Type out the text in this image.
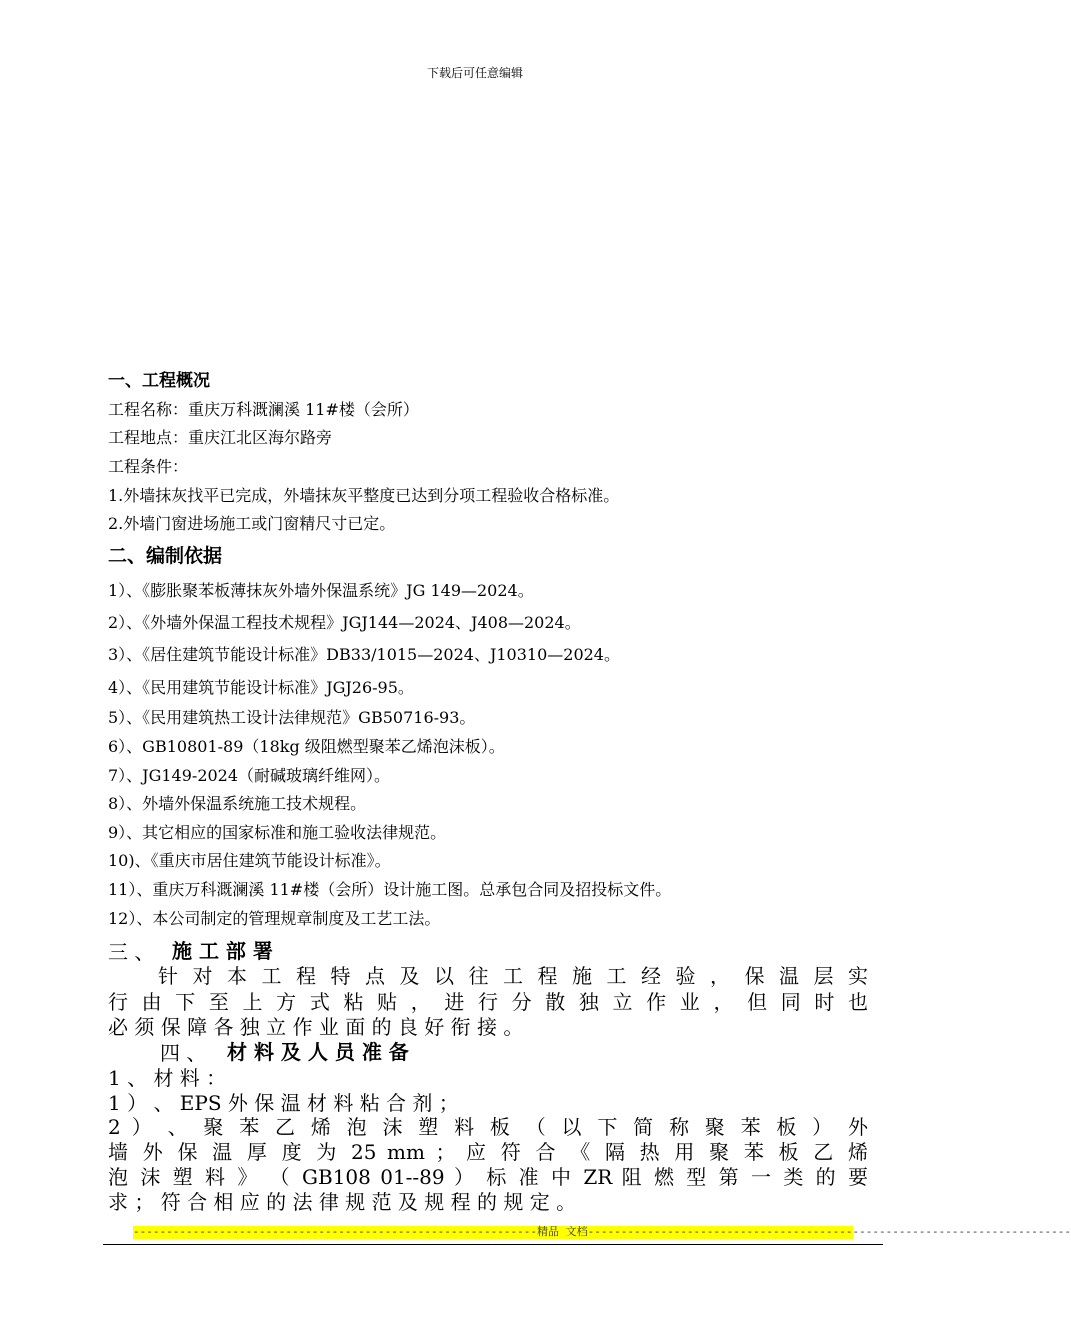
下载后可任意编辑
一、工程概况
工程名称：重庆万科溉澜溪 11#楼（会所）
工程地点：重庆江北区海尔路旁
工程条件：
1.外墙抹灰找平已完成，外墙抹灰平整度已达到分项工程验收合格标准。
2.外墙门窗进场施工或门窗精尺寸已定。
二、编制依据
1）、《膨胀聚苯板薄抹灰外墙外保温系统》JG 149—2024。
2）、《外墙外保温工程技术规程》JGJ144—2024、J408—2024。
3）、《居住建筑节能设计标准》DB33/1015—2024、J10310—2024。
4）、《民用建筑节能设计标准》JGJ26-95。
5）、《民用建筑热工设计法律规范》GB50716-93。
6）、GB10801-89（18kg 级阻燃型聚苯乙烯泡沫板）。
7）、JG149-2024（耐碱玻璃纤维网）。
8）、外墙外保温系统施工技术规程。
9）、其它相应的国家标准和施工验收法律规范。
10)、《重庆市居住建筑节能设计标准》。
11）、重庆万科溉澜溪 11#楼（会所）设计施工图。总承包合同及招投标文件。
12）、本公司制定的管理规章制度及工艺工法。
三 、 施 工 部 署
针 对 本 工 程 特 点 及 以 往 工 程 施 工 经 验 ， 保 温 层 实
行 由 下 至 上 方 式 粘 贴 ， 进 行 分 散 独 立 作 业 ， 但 同 时 也
必 须 保 障 各 独 立 作 业 面 的 良 好 衔 接 。
四 、 材 料 及 人 员 准 备
1 、 材 料 ：
1 ） 、 EPS 外 保 温 材 料 粘 合 剂 ；
2 ） 、 聚 苯 乙 烯 泡 沫 塑 料 板 （ 以 下 简 称 聚 苯 板 ） 外
墙 外 保 温 厚 度 为 25 mm ； 应 符 合 《 隔 热 用 聚 苯 板 乙 烯
泡 沫 塑 料 》 （ GB108 01--89 ） 标 准 中 ZR 阻 燃 型 第 一 类 的 要
求 ； 符 合 相 应 的 法 律 规 范 及 规 程 的 规 定 。
-------------------------------------------------------------精品 文档-------------------------------------------------------------------------
